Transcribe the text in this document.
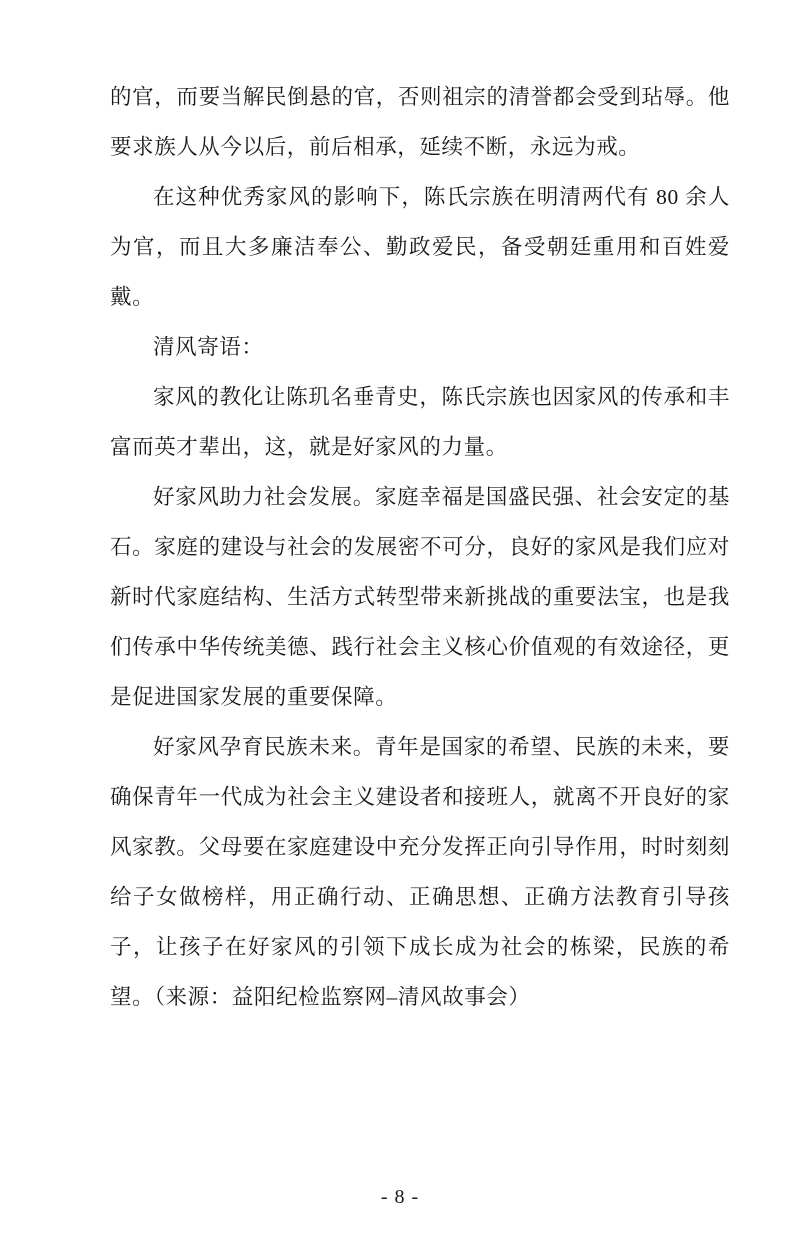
的官，而要当解民倒悬的官，否则祖宗的清誉都会受到玷辱。他要求族人从今以后，前后相承，延续不断，永远为戒。

在这种优秀家风的影响下，陈氏宗族在明清两代有 80 余人为官，而且大多廉洁奉公、勤政爱民，备受朝廷重用和百姓爱戴。

清风寄语：

家风的教化让陈玑名垂青史，陈氏宗族也因家风的传承和丰富而英才辈出，这，就是好家风的力量。

好家风助力社会发展。家庭幸福是国盛民强、社会安定的基石。家庭的建设与社会的发展密不可分，良好的家风是我们应对新时代家庭结构、生活方式转型带来新挑战的重要法宝，也是我们传承中华传统美德、践行社会主义核心价值观的有效途径，更是促进国家发展的重要保障。

好家风孕育民族未来。青年是国家的希望、民族的未来，要确保青年一代成为社会主义建设者和接班人，就离不开良好的家风家教。父母要在家庭建设中充分发挥正向引导作用，时时刻刻给子女做榜样，用正确行动、正确思想、正确方法教育引导孩子，让孩子在好家风的引领下成长成为社会的栋梁，民族的希望。（来源：益阳纪检监察网–清风故事会）

- 8 -
